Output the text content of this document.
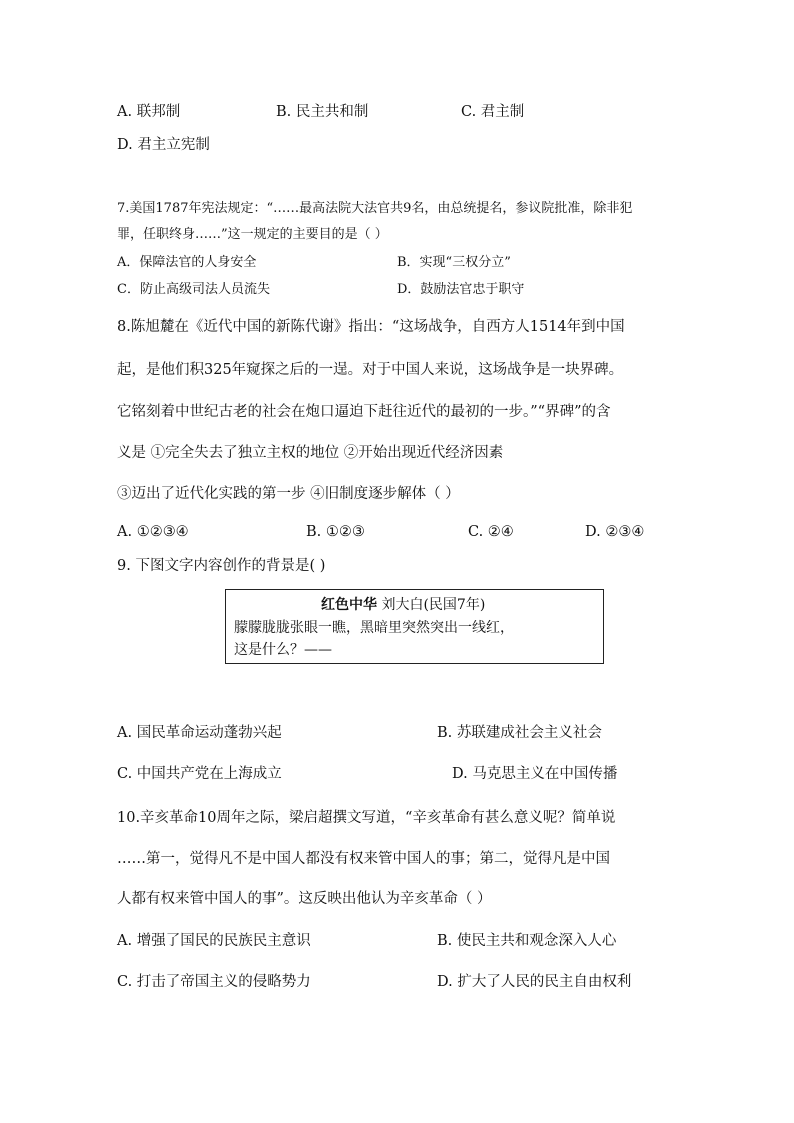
A. 联邦制	B. 民主共和制	C. 君主制
D. 君主立宪制
7.美国1787年宪法规定：“……最高法院大法官共9名，由总统提名，参议院批准，除非犯
罪，任职终身……”这一规定的主要目的是（ ）
A．保障法官的人身安全	B．实现“三权分立”
C．防止高级司法人员流失	D．鼓励法官忠于职守
8.陈旭麓在《近代中国的新陈代谢》指出：“这场战争，自西方人1514年到中国
起，是他们积325年窥探之后的一逞。对于中国人来说，这场战争是一块界碑。
它铭刻着中世纪古老的社会在炮口逼迫下赶往近代的最初的一步。”“界碑”的含
义是 ①完全失去了独立主权的地位 ②开始出现近代经济因素
③迈出了近代化实践的第一步 ④旧制度逐步解体（ ）
A. ①②③④	B. ①②③	C. ②④	D. ②③④
9. 下图文字内容创作的背景是( )
红色中华 刘大白(民国7年)
朦朦胧胧张眼一瞧，黑暗里突然突出一线红，
这是什么？——
A. 国民革命运动蓬勃兴起	B. 苏联建成社会主义社会
C. 中国共产党在上海成立	D. 马克思主义在中国传播
10.辛亥革命10周年之际，梁启超撰文写道，“辛亥革命有甚么意义呢？简单说
……第一，觉得凡不是中国人都没有权来管中国人的事；第二，觉得凡是中国
人都有权来管中国人的事”。这反映出他认为辛亥革命（ ）
A. 增强了国民的民族民主意识	B. 使民主共和观念深入人心
C. 打击了帝国主义的侵略势力	D. 扩大了人民的民主自由权利
